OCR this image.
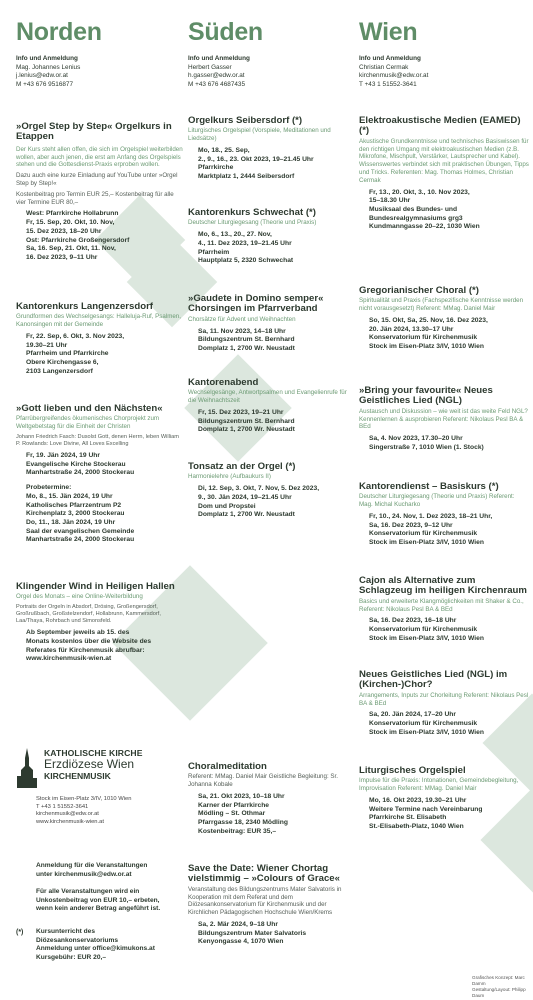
Norden
Info und Anmeldung
Mag. Johannes Lenius
j.lenius@edw.or.at
M +43 676 9516877
»Orgel Step by Step« Orgelkurs in Etappen
Der Kurs steht allen offen, die sich im Orgelspiel weiterbilden wollen, aber auch jenen, die erst am Anfang des Orgelspiels stehen und die Gottesdienst-Praxis erproben wollen.
Dazu auch eine kurze Einladung auf YouTube unter »Orgel Step by Step!«
Kostenbeitrag pro Termin EUR 25,– Kostenbeitrag für alle vier Termine EUR 80,–
West: Pfarrkirche Hollabrunn
Fr, 15. Sep, 20. Okt, 10. Nov,
15. Dez 2023, 18–20 Uhr
Ost: Pfarrkirche Großengersdorf
Sa, 16. Sep, 21. Okt, 11. Nov,
16. Dez 2023, 9–11 Uhr
Kantorenkurs Langenzersdorf
Grundformen des Wechselgesangs: Halleluja-Ruf, Psalmen, Kanonsingen mit der Gemeinde
Fr, 22. Sep, 6. Okt, 3. Nov 2023,
19.30–21 Uhr
Pfarrheim und Pfarrkirche
Obere Kirchengasse 6,
2103 Langenzersdorf
»Gott lieben und den Nächsten«
Pfarrübergreifendes ökumenisches Chorprojekt zum Weltgebetstag für die Einheit der Christen
Johann Friedrich Fasch: Dusolst Gott, denen Herrn, leben William P. Rowlands: Love Divine, All Loves Excelling
Fr, 19. Jän 2024, 19 Uhr
Evangelische Kirche Stockerau
Manhartstraße 24, 2000 Stockerau
Probetermine:
Mo, 8., 15. Jän 2024, 19 Uhr
Katholisches Pfarrzentrum P2
Kirchenplatz 3, 2000 Stockerau
Do, 11., 18. Jän 2024, 19 Uhr
Saal der evangelischen Gemeinde
Manhartstraße 24, 2000 Stockerau
Klingender Wind in Heiligen Hallen
Orgel des Monats – eine Online-Weiterbildung
Portraits der Orgeln in Absdorf, Drösing, Großengersdorf, Großrußbach, Großstelzendorf, Hollabrunn, Kammersdorf, Laa/Thaya, Rohrbach und Simonsfeld.
Ab September jeweils ab 15. des
Monats kostenlos über die Website des
Referates für Kirchenmusik abrufbar:
www.kirchenmusik-wien.at
Süden
Info und Anmeldung
Herbert Gasser
h.gasser@edw.or.at
M +43 676 4687435
Orgelkurs Seibersdorf (*)
Liturgisches Orgelspiel (Vorspiele, Meditationen und Liedsätze)
Mo, 18., 25. Sep,
2., 9., 16., 23. Okt 2023, 19–21.45 Uhr
Pfarrkirche
Marktplatz 1, 2444 Seibersdorf
Kantorenkurs Schwechat (*)
Deutscher Liturgiegesang (Theorie und Praxis)
Mo, 6., 13., 20., 27. Nov,
4., 11. Dez 2023, 19–21.45 Uhr
Pfarrheim
Hauptplatz 5, 2320 Schwechat
»Gaudete in Domino semper« Chorsingen im Pfarrverband
Chorsätze für Advent und Weihnachten
Sa, 11. Nov 2023, 14–18 Uhr
Bildungszentrum St. Bernhard
Domplatz 1, 2700 Wr. Neustadt
Kantorenabend
Wechselgesänge, Antwortpsalmen und Evangelienrufe für die Weihnachtszeit
Fr, 15. Dez 2023, 19–21 Uhr
Bildungszentrum St. Bernhard
Domplatz 1, 2700 Wr. Neustadt
Tonsatz an der Orgel (*)
Harmonielehre (Aufbaukurs II)
Di, 12. Sep, 3. Okt, 7. Nov, 5. Dez 2023,
9., 30. Jän 2024, 19–21.45 Uhr
Dom und Propstei
Domplatz 1, 2700 Wr. Neustadt
Choralmeditation
Referent: MMag. Daniel Mair Geistliche Begleitung: Sr. Johanna Kobale
Sa, 21. Okt 2023, 10–18 Uhr
Karner der Pfarrkirche
Mödling – St. Othmar
Pfarrgasse 18, 2340 Mödling
Kostenbeitrag: EUR 35,–
Save the Date: Wiener Chortag vielstimmig – »Colours of Grace«
Veranstaltung des Bildungszentrums Mater Salvatoris in Kooperation mit dem Referat und dem Diözesankonservatorium für Kirchenmusik und der Kirchlichen Pädagogischen Hochschule Wien/Krems
Sa, 2. Mär 2024, 9–18 Uhr
Bildungszentrum Mater Salvatoris
Kenyongasse 4, 1070 Wien
Wien
Info und Anmeldung
Christian Cermak
kirchenmusik@edw.or.at
T +43 1 51552-3641
Elektroakustische Medien (EAMED) (*)
Akustische Grundkenntnisse und technisches Basiswissen für den richtigen Umgang mit elektroakustischen Medien (z.B. Mikrofone, Mischpult, Verstärker, Lautsprecher und Kabel). Wissenswertes verbindet sich mit praktischen Übungen, Tipps und Tricks. Referenten: Mag. Thomas Holmes, Christian Cermak
Fr, 13., 20. Okt, 3., 10. Nov 2023,
15–18.30 Uhr
Musiksaal des Bundes- und
Bundesrealgymnasiums grg3
Kundmanngasse 20–22, 1030 Wien
Gregorianischer Choral (*)
Spiritualität und Praxis (Fachspezifische Kenntnisse werden nicht vorausgesetzt) Referent: MMag. Daniel Mair
So, 15. Okt, Sa, 25. Nov, 16. Dez 2023,
20. Jän 2024, 13.30–17 Uhr
Konservatorium für Kirchenmusik
Stock im Eisen-Platz 3/IV, 1010 Wien
»Bring your favourite« Neues Geistliches Lied (NGL)
Austausch und Diskussion – wie weit ist das weite Feld NGL? Kennenlernen & ausprobieren Referent: Nikolaus Pesl BA & BEd
Sa, 4. Nov 2023, 17.30–20 Uhr
Singerstraße 7, 1010 Wien (1. Stock)
Kantorendienst – Basiskurs (*)
Deutscher Liturgiegesang (Theorie und Praxis) Referent: Mag. Michal Kucharko
Fr, 10., 24. Nov, 1. Dez 2023, 18–21 Uhr,
Sa, 16. Dez 2023, 9–12 Uhr
Konservatorium für Kirchenmusik
Stock im Eisen-Platz 3/IV, 1010 Wien
Cajon als Alternative zum Schlagzeug im heiligen Kirchenraum
Basics und erweiterte Klangmöglichkeiten mit Shaker & Co., Referent: Nikolaus Pesl BA & BEd
Sa, 16. Dez 2023, 16–18 Uhr
Konservatorium für Kirchenmusik
Stock im Eisen-Platz 3/IV, 1010 Wien
Neues Geistliches Lied (NGL) im (Kirchen-)Chor?
Arrangements, Inputs zur Chorleitung Referent: Nikolaus Pesl BA & BEd
Sa, 20. Jän 2024, 17–20 Uhr
Konservatorium für Kirchenmusik
Stock im Eisen-Platz 3/IV, 1010 Wien
Liturgisches Orgelspiel
Impulse für die Praxis: Intonationen, Gemeindebegleitung, Improvisation Referent: MMag. Daniel Mair
Mo, 16. Okt 2023, 19.30–21 Uhr
Weitere Termine nach Vereinbarung
Pfarrkirche St. Elisabeth
St.-Elisabeth-Platz, 1040 Wien
KATHOLISCHE KIRCHE
Erzdiözese Wien
KIRCHENMUSIK
Stock im Eisen-Platz 3/IV, 1010 Wien
T +43 1 51552-3641
kirchenmusik@edw.or.at
www.kirchenmusik-wien.at
Anmeldung für die Veranstaltungen
unter kirchenmusik@edw.or.at
Für alle Veranstaltungen wird ein
Unkostenbeitrag von EUR 10,– erbeten,
wenn kein anderer Betrag angeführt ist.
(*)	Kursunterricht des
Diözesankonservatoriums
Anmeldung unter office@kimukons.at
Kursgebühr: EUR 20,–
Grafisches Konzept: Marc Damm
Gestaltung/Layout: Philipp Daum
